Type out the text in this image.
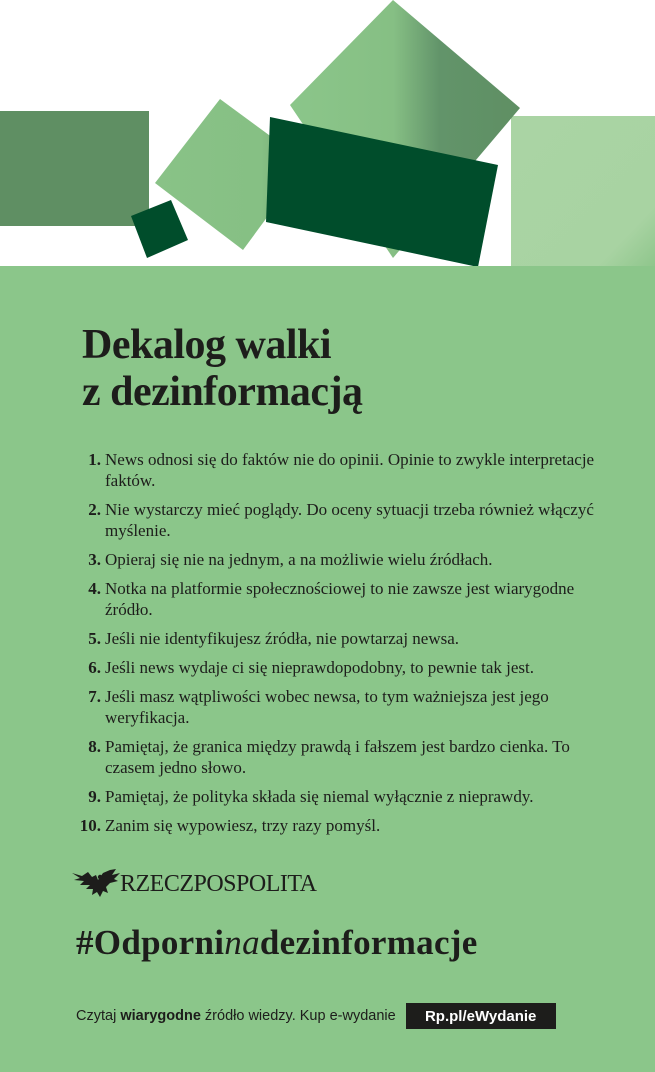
Dekalog walki
z dezinformacją
1. News odnosi się do faktów nie do opinii. Opinie to zwykle interpretacje faktów.
2. Nie wystarczy mieć poglądy. Do oceny sytuacji trzeba również włączyć myślenie.
3. Opieraj się nie na jednym, a na możliwie wielu źródłach.
4. Notka na platformie społecznościowej to nie zawsze jest wiarygodne źródło.
5. Jeśli nie identyfikujesz źródła, nie powtarzaj newsa.
6. Jeśli news wydaje ci się nieprawdopodobny, to pewnie tak jest.
7. Jeśli masz wątpliwości wobec newsa, to tym ważniejsza jest jego weryfikacja.
8. Pamiętaj, że granica między prawdą i fałszem jest bardzo cienka. To czasem jedno słowo.
9. Pamiętaj, że polityka składa się niemal wyłącznie z nieprawdy.
10. Zanim się wypowiesz, trzy razy pomyśl.
RZECZPOSPOLITA
#Odporninadezinformacje
Czytaj wiarygodne źródło wiedzy. Kup e-wydanie	Rp.pl/eWydanie
